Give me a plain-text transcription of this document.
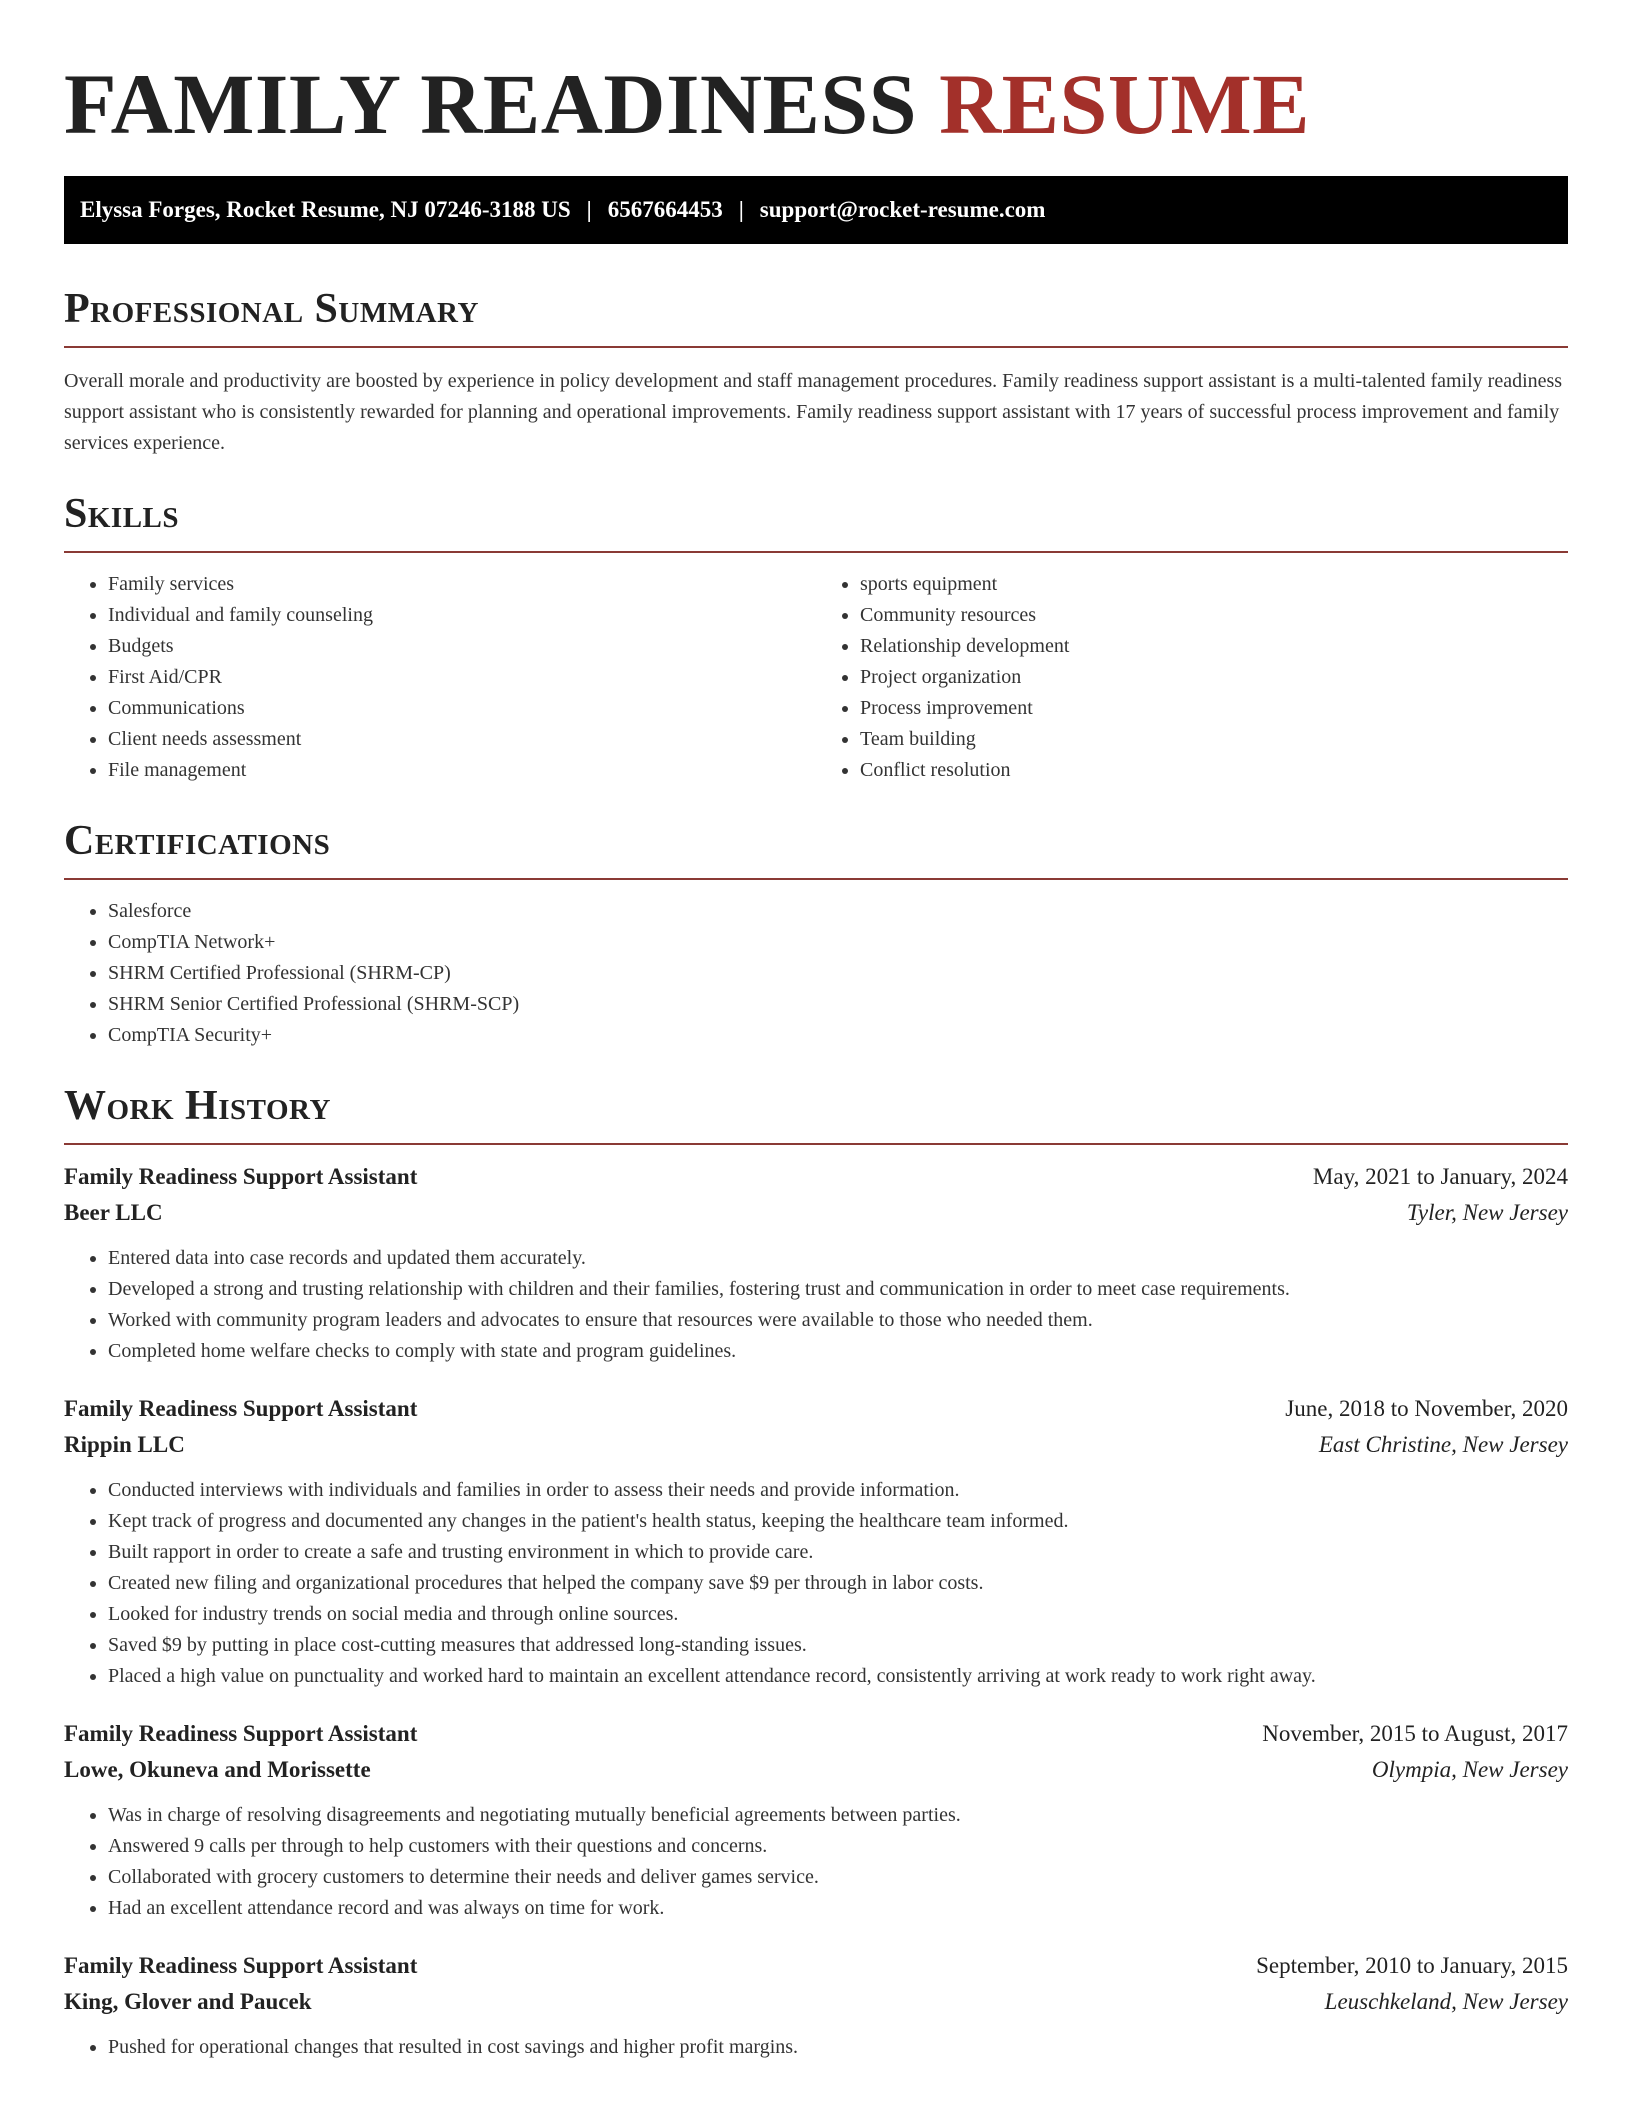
FAMILY READINESS RESUME
Elyssa Forges, Rocket Resume, NJ 07246-3188 US | 6567664453 | support@rocket-resume.com
Professional Summary

Overall morale and productivity are boosted by experience in policy development and staff management procedures. Family readiness support assistant is a multi-talented family readiness support assistant who is consistently rewarded for planning and operational improvements. Family readiness support assistant with 17 years of successful process improvement and family services experience.

Skills
• Family services
• Individual and family counseling
• Budgets
• First Aid/CPR
• Communications
• Client needs assessment
• File management
• sports equipment
• Community resources
• Relationship development
• Project organization
• Process improvement
• Team building
• Conflict resolution
Certifications
• Salesforce
• CompTIA Network+
• SHRM Certified Professional (SHRM-CP)
• SHRM Senior Certified Professional (SHRM-SCP)
• CompTIA Security+
Work History
Family Readiness Support Assistant	May, 2021 to January, 2024
Beer LLC	Tyler, New Jersey
• Entered data into case records and updated them accurately.
• Developed a strong and trusting relationship with children and their families, fostering trust and communication in order to meet case requirements.
• Worked with community program leaders and advocates to ensure that resources were available to those who needed them.
• Completed home welfare checks to comply with state and program guidelines.
Family Readiness Support Assistant	June, 2018 to November, 2020
Rippin LLC	East Christine, New Jersey
• Conducted interviews with individuals and families in order to assess their needs and provide information.
• Kept track of progress and documented any changes in the patient's health status, keeping the healthcare team informed.
• Built rapport in order to create a safe and trusting environment in which to provide care.
• Created new filing and organizational procedures that helped the company save $9 per through in labor costs.
• Looked for industry trends on social media and through online sources.
• Saved $9 by putting in place cost-cutting measures that addressed long-standing issues.
• Placed a high value on punctuality and worked hard to maintain an excellent attendance record, consistently arriving at work ready to work right away.
Family Readiness Support Assistant	November, 2015 to August, 2017
Lowe, Okuneva and Morissette	Olympia, New Jersey
• Was in charge of resolving disagreements and negotiating mutually beneficial agreements between parties.
• Answered 9 calls per through to help customers with their questions and concerns.
• Collaborated with grocery customers to determine their needs and deliver games service.
• Had an excellent attendance record and was always on time for work.
Family Readiness Support Assistant	September, 2010 to January, 2015
King, Glover and Paucek	Leuschkeland, New Jersey
• Pushed for operational changes that resulted in cost savings and higher profit margins.
